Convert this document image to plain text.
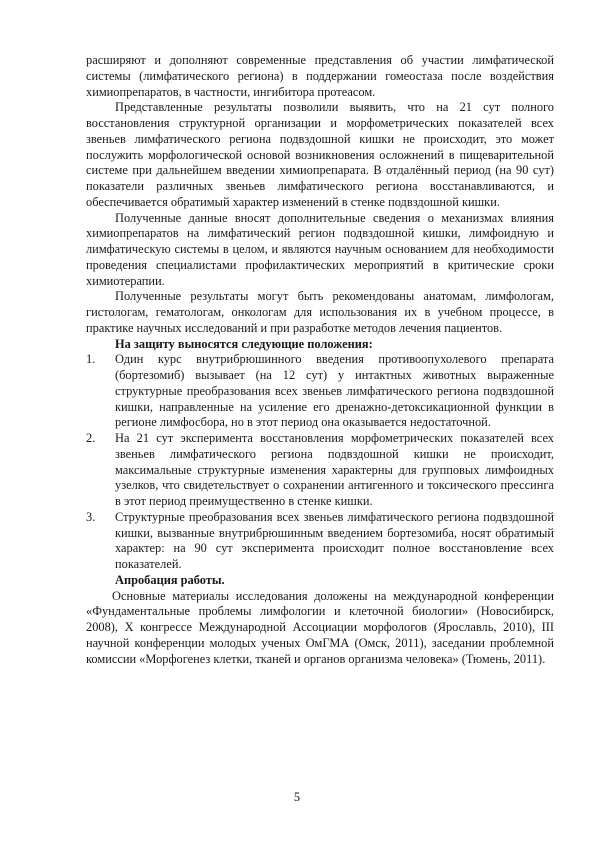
расширяют и дополняют современные представления об участии лимфатической системы (лимфатического региона) в поддержании гомеостаза после воздействия химиопрепаратов, в частности, ингибитора протеасом.

Представленные результаты позволили выявить, что на 21 сут полного восстановления структурной организации и морфометрических показателей всех звеньев лимфатического региона подвздошной кишки не происходит, это может послужить морфологической основой возникновения осложнений в пищеварительной системе при дальнейшем введении химиопрепарата. В отдалённый период (на 90 сут) показатели различных звеньев лимфатического региона восстанавливаются, и обеспечивается обратимый характер изменений в стенке подвздошной кишки.

Полученные данные вносят дополнительные сведения о механизмах влияния химиопрепаратов на лимфатический регион подвздошной кишки, лимфоидную и лимфатическую системы в целом, и являются научным основанием для необходимости проведения специалистами профилактических мероприятий в критические сроки химиотерапии.

Полученные результаты могут быть рекомендованы анатомам, лимфологам, гистологам, гематологам, онкологам для использования их в учебном процессе, в практике научных исследований и при разработке методов лечения пациентов.

На защиту выносятся следующие положения:

1. Один курс внутрибрюшинного введения противоопухолевого препарата (бортезомиб) вызывает (на 12 сут) у интактных животных выраженные структурные преобразования всех звеньев лимфатического региона подвздошной кишки, направленные на усиление его дренажно-детоксикационной функции в регионе лимфосбора, но в этот период она оказывается недостаточной.
2. На 21 сут эксперимента восстановления морфометрических показателей всех звеньев лимфатического региона подвздошной кишки не происходит, максимальные структурные изменения характерны для групповых лимфоидных узелков, что свидетельствует о сохранении антигенного и токсического прессинга в этот период преимущественно в стенке кишки.
3. Структурные преобразования всех звеньев лимфатического региона подвздошной кишки, вызванные внутрибрюшинным введением бортезомиба, носят обратимый характер: на 90 сут эксперимента происходит полное восстановление всех показателей.

Апробация работы.

Основные материалы исследования доложены на международной конференции «Фундаментальные проблемы лимфологии и клеточной биологии» (Новосибирск, 2008), X конгрессе Международной Ассоциации морфологов (Ярославль, 2010), III научной конференции молодых ученых ОмГМА (Омск, 2011), заседании проблемной комиссии «Морфогенез клетки, тканей и органов организма человека» (Тюмень, 2011).

5
